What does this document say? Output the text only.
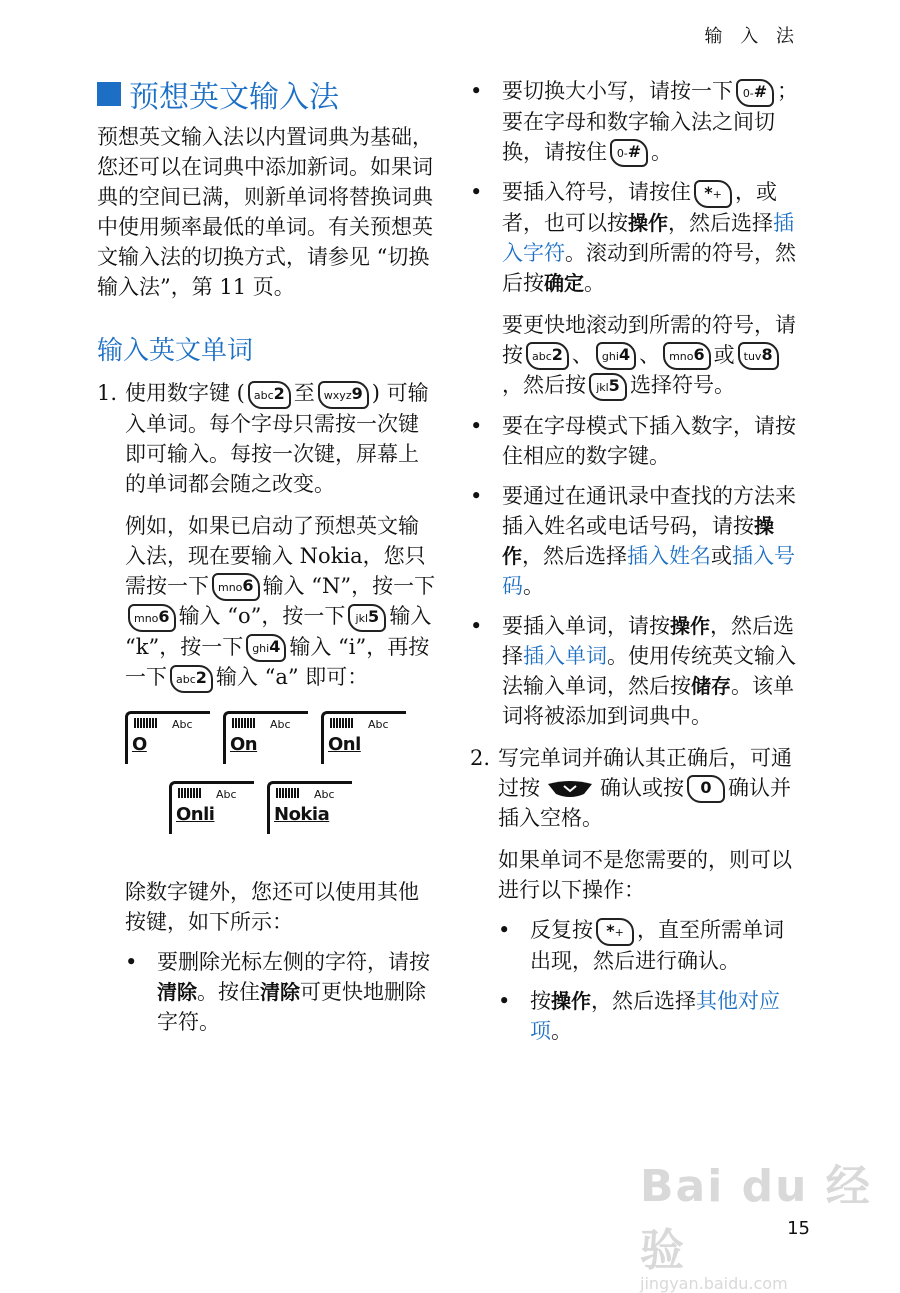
输 入 法
预想英文输入法

预想英文输入法以内置词典为基础，您还可以在词典中添加新词。如果词典的空间已满，则新单词将替换词典中使用频率最低的单词。有关预想英文输入法的切换方式，请参见 “切换输入法”，第 11 页。

输入英文单词
1. 使用数字键 ( abc2 至 wxyz9 ) 可输入单词。每个字母只需按一次键即可输入。每按一次键，屏幕上的单词都会随之改变。

例如，如果已启动了预想英文输入法，现在要输入 Nokia，您只需按一下 mno6 输入 “N”，按一下mno6 输入 “o”，按一下 jkl5 输入 “k”，按一下 ghi4 输入 “i”，再按一下 abc2 输入 “a” 即可：

Abc
O
Abc
On
Abc
Onl
Abc
Onli
Abc
Nokia

除数字键外，您还可以使用其他按键，如下所示：

• 要删除光标左侧的字符，请按清除。按住清除可更快地删除字符。

• 要切换大小写，请按一下 0-# ；要在字母和数字输入法之间切换，请按住 0-# 。

• 要插入符号，请按住 *+ ，或者，也可以按操作，然后选择插入字符。滚动到所需的符号，然后按确定。

要更快地滚动到所需的符号，请按 abc2 、 ghi4 、 mno6 或 tuv8，然后按 jkl5 选择符号。

• 要在字母模式下插入数字，请按住相应的数字键。

• 要通过在通讯录中查找的方法来插入姓名或电话号码，请按操作，然后选择插入姓名或插入号码。

• 要插入单词，请按操作，然后选择插入单词。使用传统英文输入法输入单词，然后按储存。该单词将被添加到词典中。

2. 写完单词并确认其正确后，可通过按	确认或按 0 确认并插入空格。

如果单词不是您需要的，则可以进行以下操作：

• 反复按 *+ ，直至所需单词出现，然后进行确认。

• 按操作，然后选择其他对应项。

Bai du 经验
jingyan.baidu.com
15
